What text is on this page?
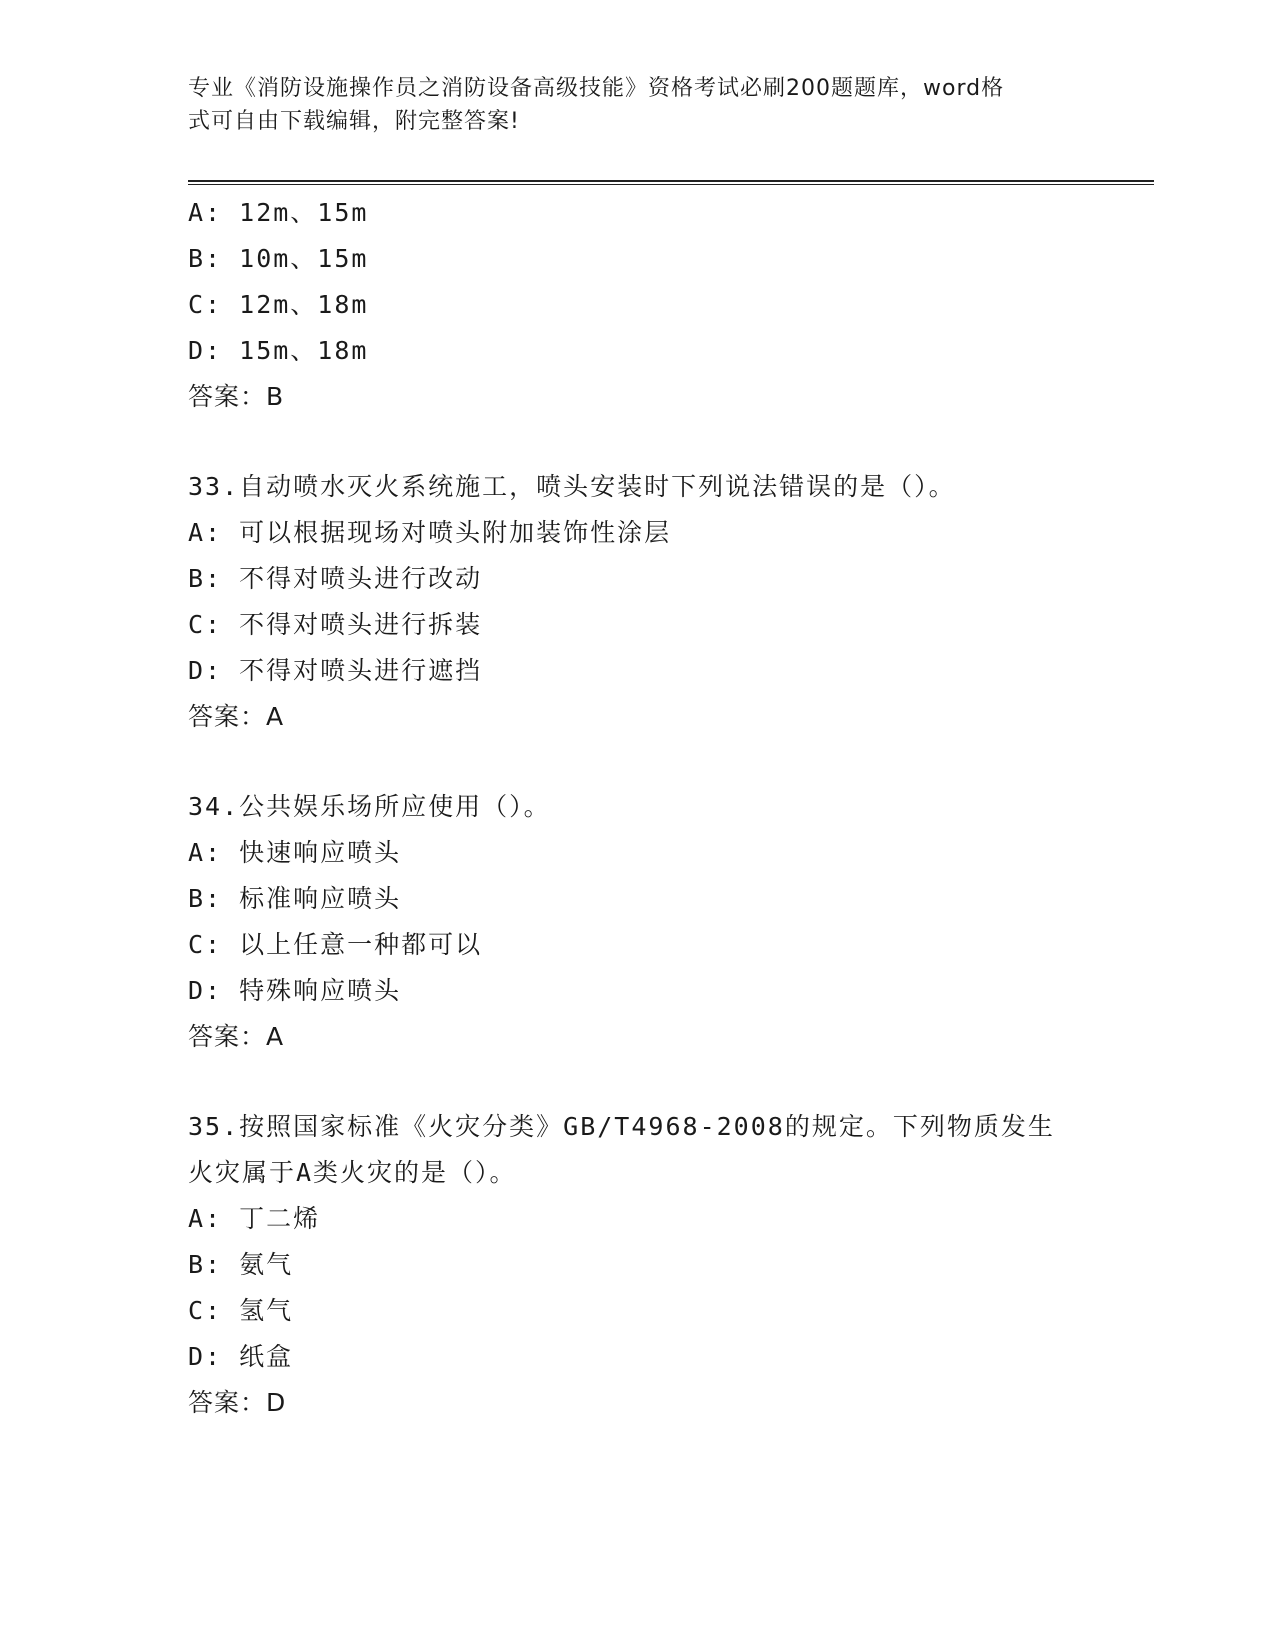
专业《消防设施操作员之消防设备高级技能》资格考试必刷200题题库，word格
式可自由下载编辑，附完整答案!
A: 12m、15m
B: 10m、15m
C: 12m、18m
D: 15m、18m
答案：B
33.自动喷水灭火系统施工，喷头安装时下列说法错误的是（）。
A: 可以根据现场对喷头附加装饰性涂层
B: 不得对喷头进行改动
C: 不得对喷头进行拆装
D: 不得对喷头进行遮挡
答案：A
34.公共娱乐场所应使用（）。
A: 快速响应喷头
B: 标准响应喷头
C: 以上任意一种都可以
D: 特殊响应喷头
答案：A
35.按照国家标准《火灾分类》GB/T4968-2008的规定。下列物质发生
火灾属于A类火灾的是（）。
A: 丁二烯
B: 氨气
C: 氢气
D: 纸盒
答案：D
